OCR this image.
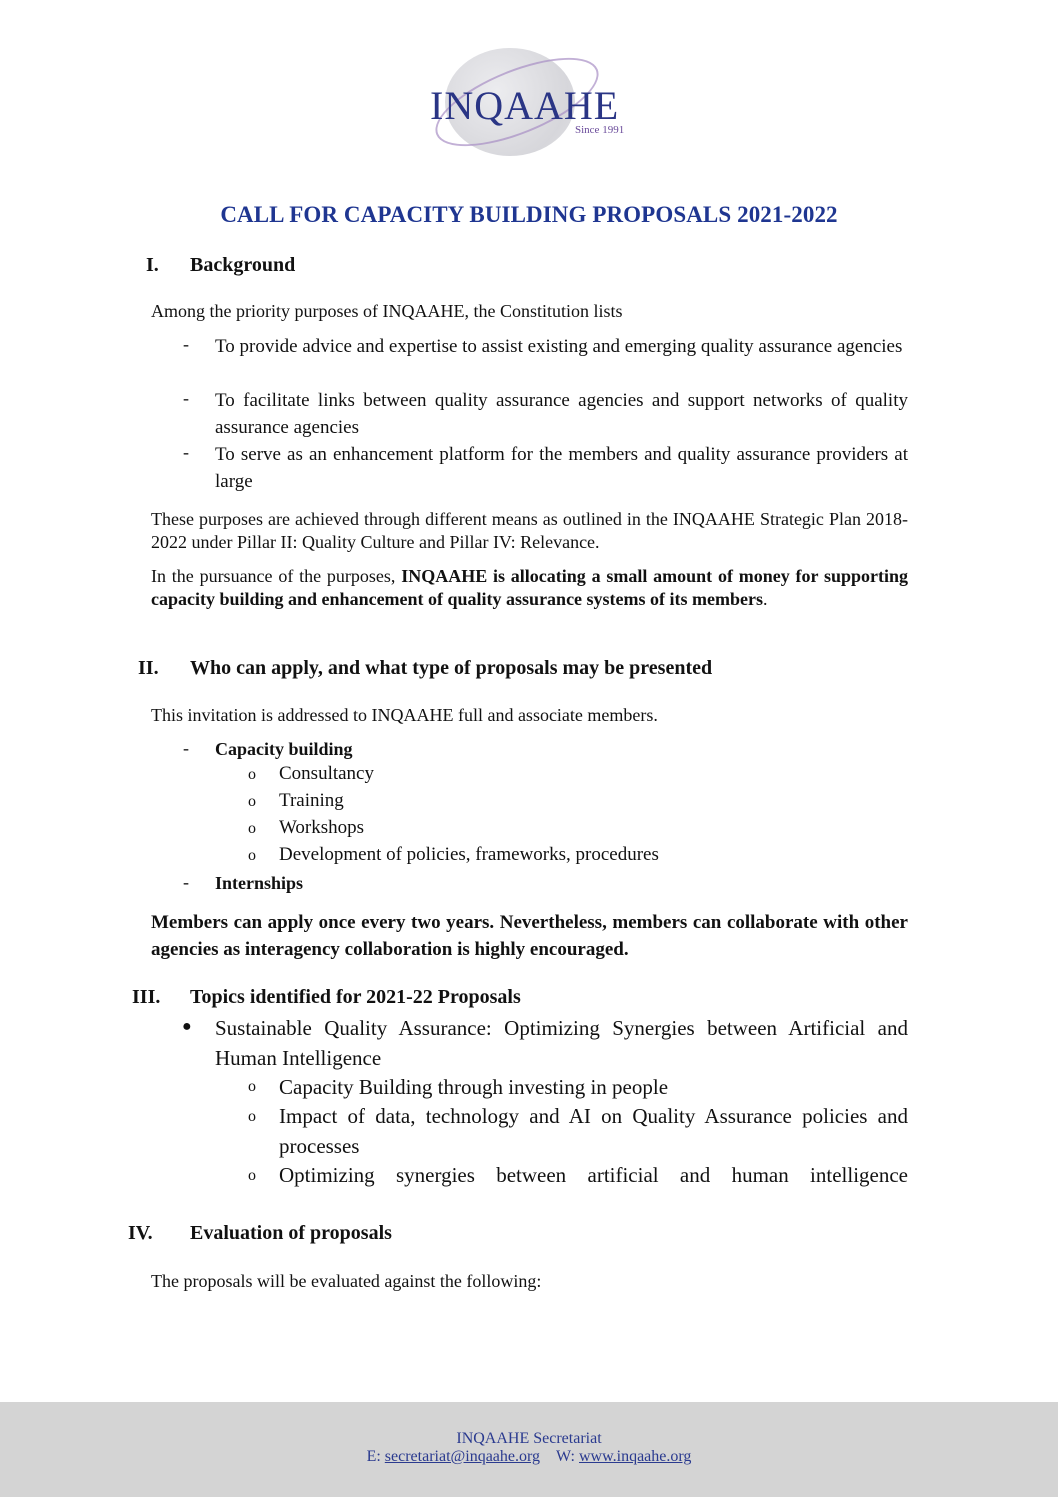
INQAAHE
Since 1991
CALL FOR CAPACITY BUILDING PROPOSALS 2021-2022
I. Background
Among the priority purposes of INQAAHE, the Constitution lists
- To provide advice and expertise to assist existing and emerging quality assurance agencies
- To facilitate links between quality assurance agencies and support networks of quality assurance agencies
- To serve as an enhancement platform for the members and quality assurance providers at large
These purposes are achieved through different means as outlined in the INQAAHE Strategic Plan 2018-2022 under Pillar II: Quality Culture and Pillar IV: Relevance.
In the pursuance of the purposes, INQAAHE is allocating a small amount of money for supporting capacity building and enhancement of quality assurance systems of its members.
II. Who can apply, and what type of proposals may be presented
This invitation is addressed to INQAAHE full and associate members.
- Capacity building
o Consultancy
o Training
o Workshops
o Development of policies, frameworks, procedures
- Internships
Members can apply once every two years. Nevertheless, members can collaborate with other agencies as interagency collaboration is highly encouraged.
III. Topics identified for 2021-22 Proposals
● Sustainable Quality Assurance: Optimizing Synergies between Artificial and Human Intelligence
o Capacity Building through investing in people
o Impact of data, technology and AI on Quality Assurance policies and processes
o Optimizing synergies between artificial and human intelligence
IV. Evaluation of proposals
The proposals will be evaluated against the following:
INQAAHE Secretariat
E: secretariat@inqaahe.org W: www.inqaahe.org
